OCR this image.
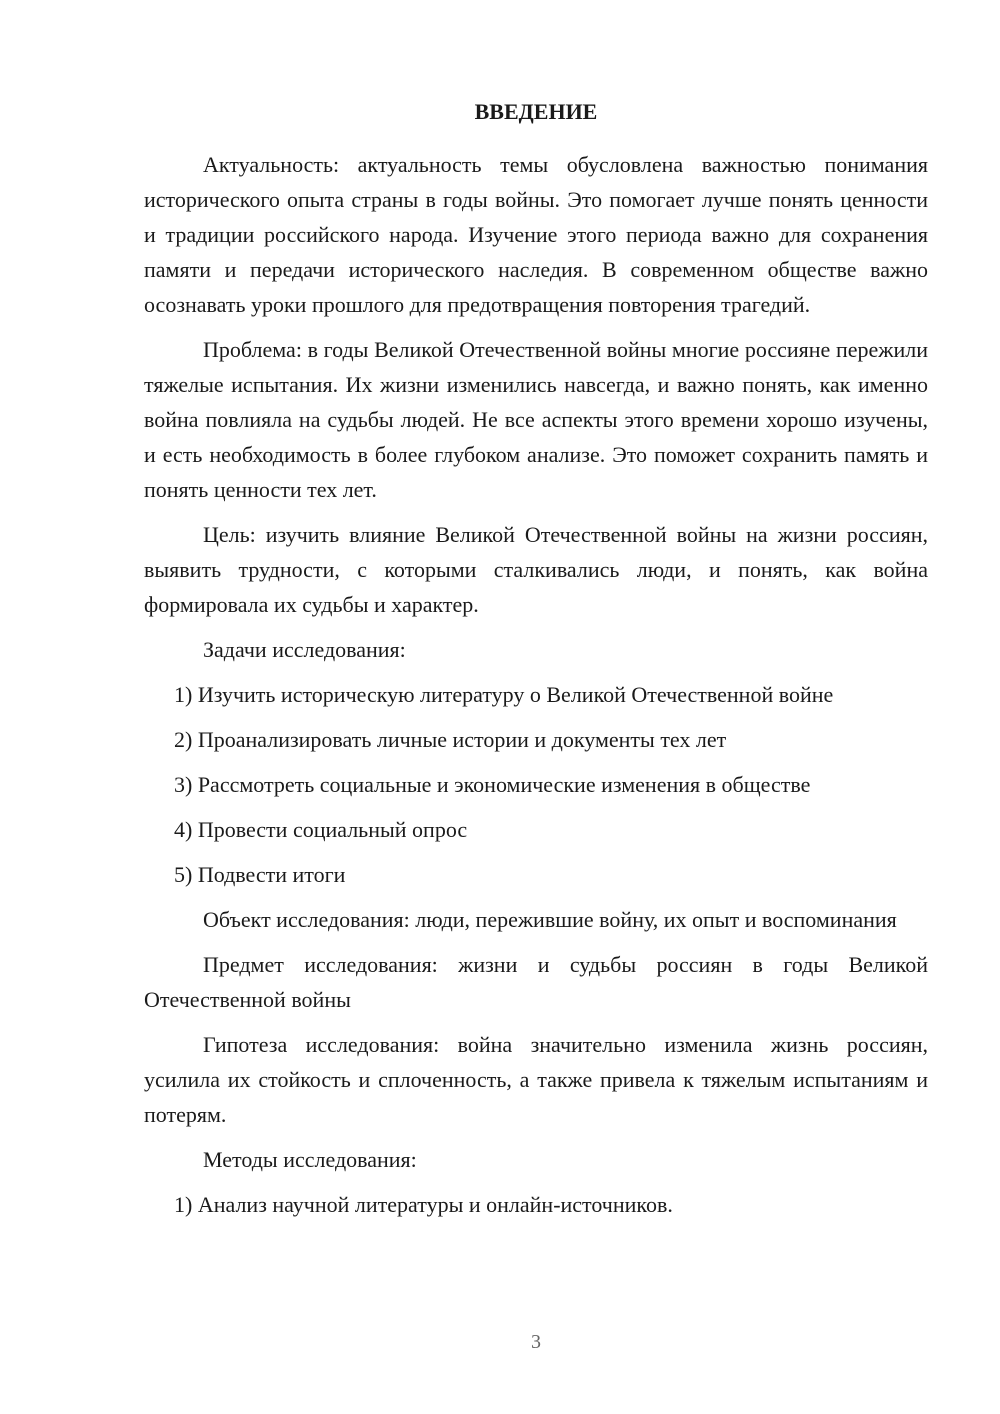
ВВЕДЕНИЕ

Актуальность: актуальность темы обусловлена важностью понимания исторического опыта страны в годы войны. Это помогает лучше понять ценности и традиции российского народа. Изучение этого периода важно для сохранения памяти и передачи исторического наследия. В современном обществе важно осознавать уроки прошлого для предотвращения повторения трагедий.

Проблема: в годы Великой Отечественной войны многие россияне пережили тяжелые испытания. Их жизни изменились навсегда, и важно понять, как именно война повлияла на судьбы людей. Не все аспекты этого времени хорошо изучены, и есть необходимость в более глубоком анализе. Это поможет сохранить память и понять ценности тех лет.

Цель: изучить влияние Великой Отечественной войны на жизни россиян, выявить трудности, с которыми сталкивались люди, и понять, как война формировала их судьбы и характер.

Задачи исследования:

1) Изучить историческую литературу о Великой Отечественной войне
2) Проанализировать личные истории и документы тех лет
3) Рассмотреть социальные и экономические изменения в обществе
4) Провести социальный опрос
5) Подвести итоги

Объект исследования: люди, пережившие войну, их опыт и воспоминания

Предмет исследования: жизни и судьбы россиян в годы Великой Отечественной войны

Гипотеза исследования: война значительно изменила жизнь россиян, усилила их стойкость и сплоченность, а также привела к тяжелым испытаниям и потерям.

Методы исследования:

1) Анализ научной литературы и онлайн-источников.
3
